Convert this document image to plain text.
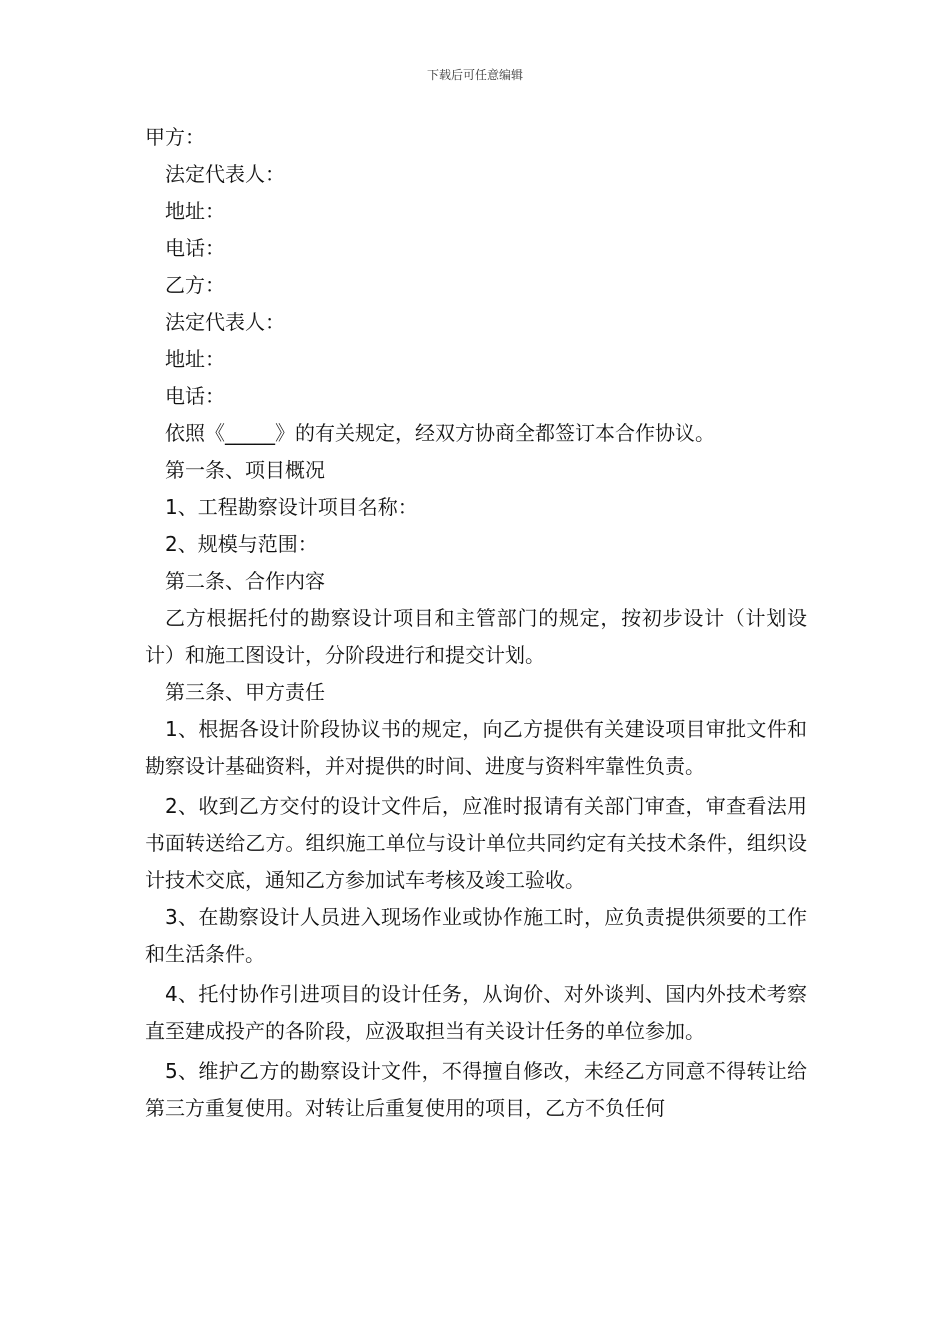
下载后可任意编辑
甲方：
法定代表人：
地址：
电话：
乙方：
法定代表人：
地址：
电话：
依照《_____》的有关规定，经双方协商全都签订本合作协议。
第一条、项目概况
1、工程勘察设计项目名称：
2、规模与范围：
第二条、合作内容
乙方根据托付的勘察设计项目和主管部门的规定，按初步设计（计划设计）和施工图设计，分阶段进行和提交计划。
第三条、甲方责任
1、根据各设计阶段协议书的规定，向乙方提供有关建设项目审批文件和勘察设计基础资料，并对提供的时间、进度与资料牢靠性负责。
2、收到乙方交付的设计文件后，应准时报请有关部门审查，审查看法用书面转送给乙方。组织施工单位与设计单位共同约定有关技术条件，组织设计技术交底，通知乙方参加试车考核及竣工验收。
3、在勘察设计人员进入现场作业或协作施工时，应负责提供须要的工作和生活条件。
4、托付协作引进项目的设计任务，从询价、对外谈判、国内外技术考察直至建成投产的各阶段，应汲取担当有关设计任务的单位参加。
5、维护乙方的勘察设计文件，不得擅自修改，未经乙方同意不得转让给第三方重复使用。对转让后重复使用的项目，乙方不负任何
